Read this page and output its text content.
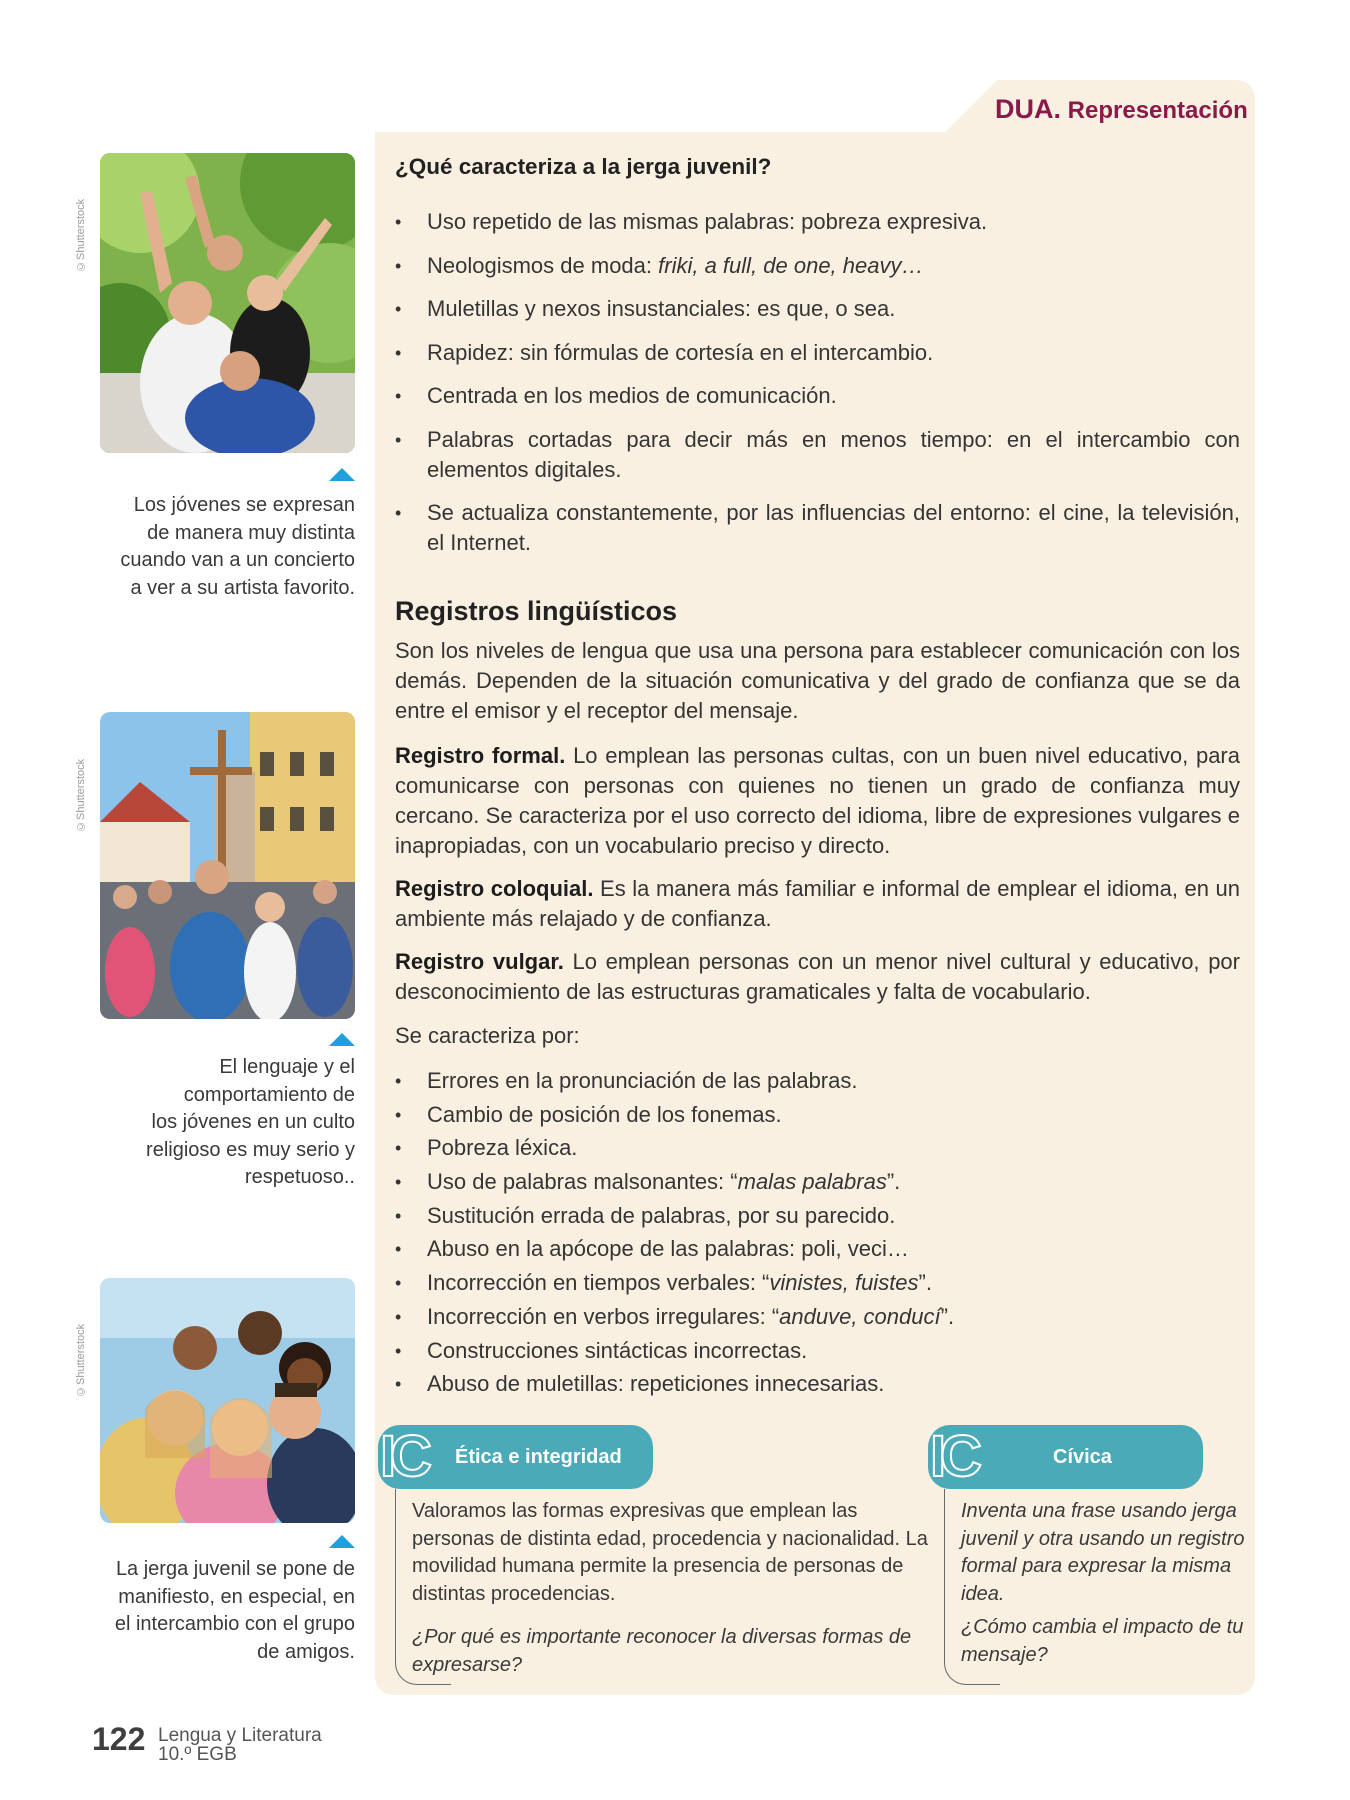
©Shutterstock
Los jóvenes se expresan
de manera muy distinta
cuando van a un concierto
a ver a su artista favorito.
©Shutterstock
El lenguaje y el
comportamiento de
los jóvenes en un culto
religioso es muy serio y
respetuoso..
©Shutterstock
La jerga juvenil se pone de
manifiesto, en especial, en
el intercambio con el grupo
de amigos.
DUA. Representación
¿Qué caracteriza a la jerga juvenil?
• Uso repetido de las mismas palabras: pobreza expresiva.
• Neologismos de moda: friki, a full, de one, heavy…
• Muletillas y nexos insustanciales: es que, o sea.
• Rapidez: sin fórmulas de cortesía en el intercambio.
• Centrada en los medios de comunicación.
• Palabras cortadas para decir más en menos tiempo: en el intercambio con elementos digitales.
• Se actualiza constantemente, por las influencias del entorno: el cine, la televisión, el Internet.
Registros lingüísticos

Son los niveles de lengua que usa una persona para establecer comunicación con los demás. Dependen de la situación comunicativa y del grado de confianza que se da entre el emisor y el receptor del mensaje.

Registro formal. Lo emplean las personas cultas, con un buen nivel educativo, para comunicarse con personas con quienes no tienen un grado de confianza muy cercano. Se caracteriza por el uso correcto del idioma, libre de expresiones vulgares e inapropiadas, con un vocabulario preciso y directo.

Registro coloquial. Es la manera más familiar e informal de emplear el idioma, en un ambiente más relajado y de confianza.

Registro vulgar. Lo emplean personas con un menor nivel cultural y educativo, por desconocimiento de las estructuras gramaticales y falta de vocabulario.

Se caracteriza por:

• Errores en la pronunciación de las palabras.
• Cambio de posición de los fonemas.
• Pobreza léxica.
• Uso de palabras malsonantes: “malas palabras”.
• Sustitución errada de palabras, por su parecido.
• Abuso en la apócope de las palabras: poli, veci…
• Incorrección en tiempos verbales: “vinistes, fuistes”.
• Incorrección en verbos irregulares: “anduve, conducí”.
• Construcciones sintácticas incorrectas.
• Abuso de muletillas: repeticiones innecesarias.
IC Ética e integridad

Valoramos las formas expresivas que emplean las personas de distinta edad, procedencia y nacionalidad. La movilidad humana permite la presencia de personas de distintas procedencias.

¿Por qué es importante reconocer la diversas formas de expresarse?

IC	Cívica

Inventa una frase usando jerga juvenil y otra usando un registro formal para expresar la misma idea.

¿Cómo cambia el impacto de tu mensaje?

122 Lengua y Literatura
10.º EGB
